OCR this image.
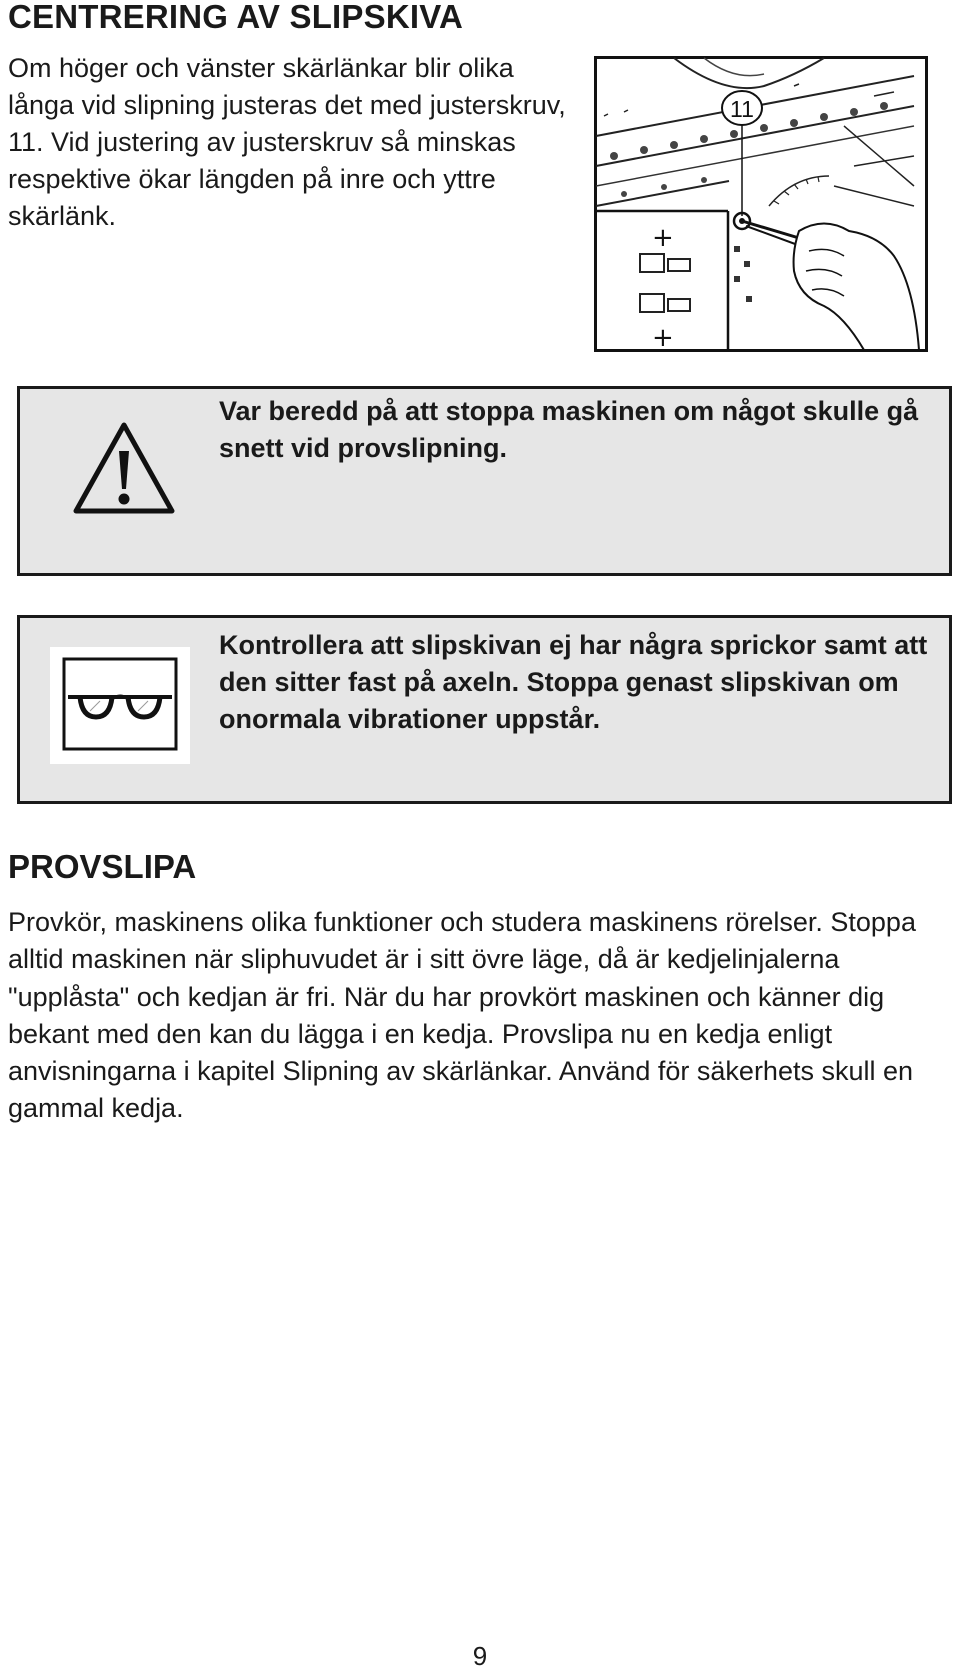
CENTRERING AV SLIPSKIVA

Om höger och vänster skärlänkar blir olika långa vid slipning justeras det med justerskruv, 11. Vid justering av justerskruv så minskas respektive ökar längden på inre och yttre skärlänk.

+
+
11

Var beredd på att stoppa maskinen om något skulle gå snett vid provslipning.

Kontrollera att slipskivan ej har några sprickor samt att den sitter fast på axeln. Stoppa genast slipskivan om onormala vibrationer uppstår.

PROVSLIPA

Provkör, maskinens olika funktioner och studera maskinens rörelser. Stoppa alltid maskinen när sliphuvudet är i sitt övre läge, då är kedjelinjalerna "upplåsta" och kedjan är fri. När du har provkört maskinen och känner dig bekant med den kan du lägga i en kedja. Provslipa nu en kedja enligt anvisningarna i kapitel Slipning av skärlänkar. Använd för säkerhets skull en gammal kedja.

9
